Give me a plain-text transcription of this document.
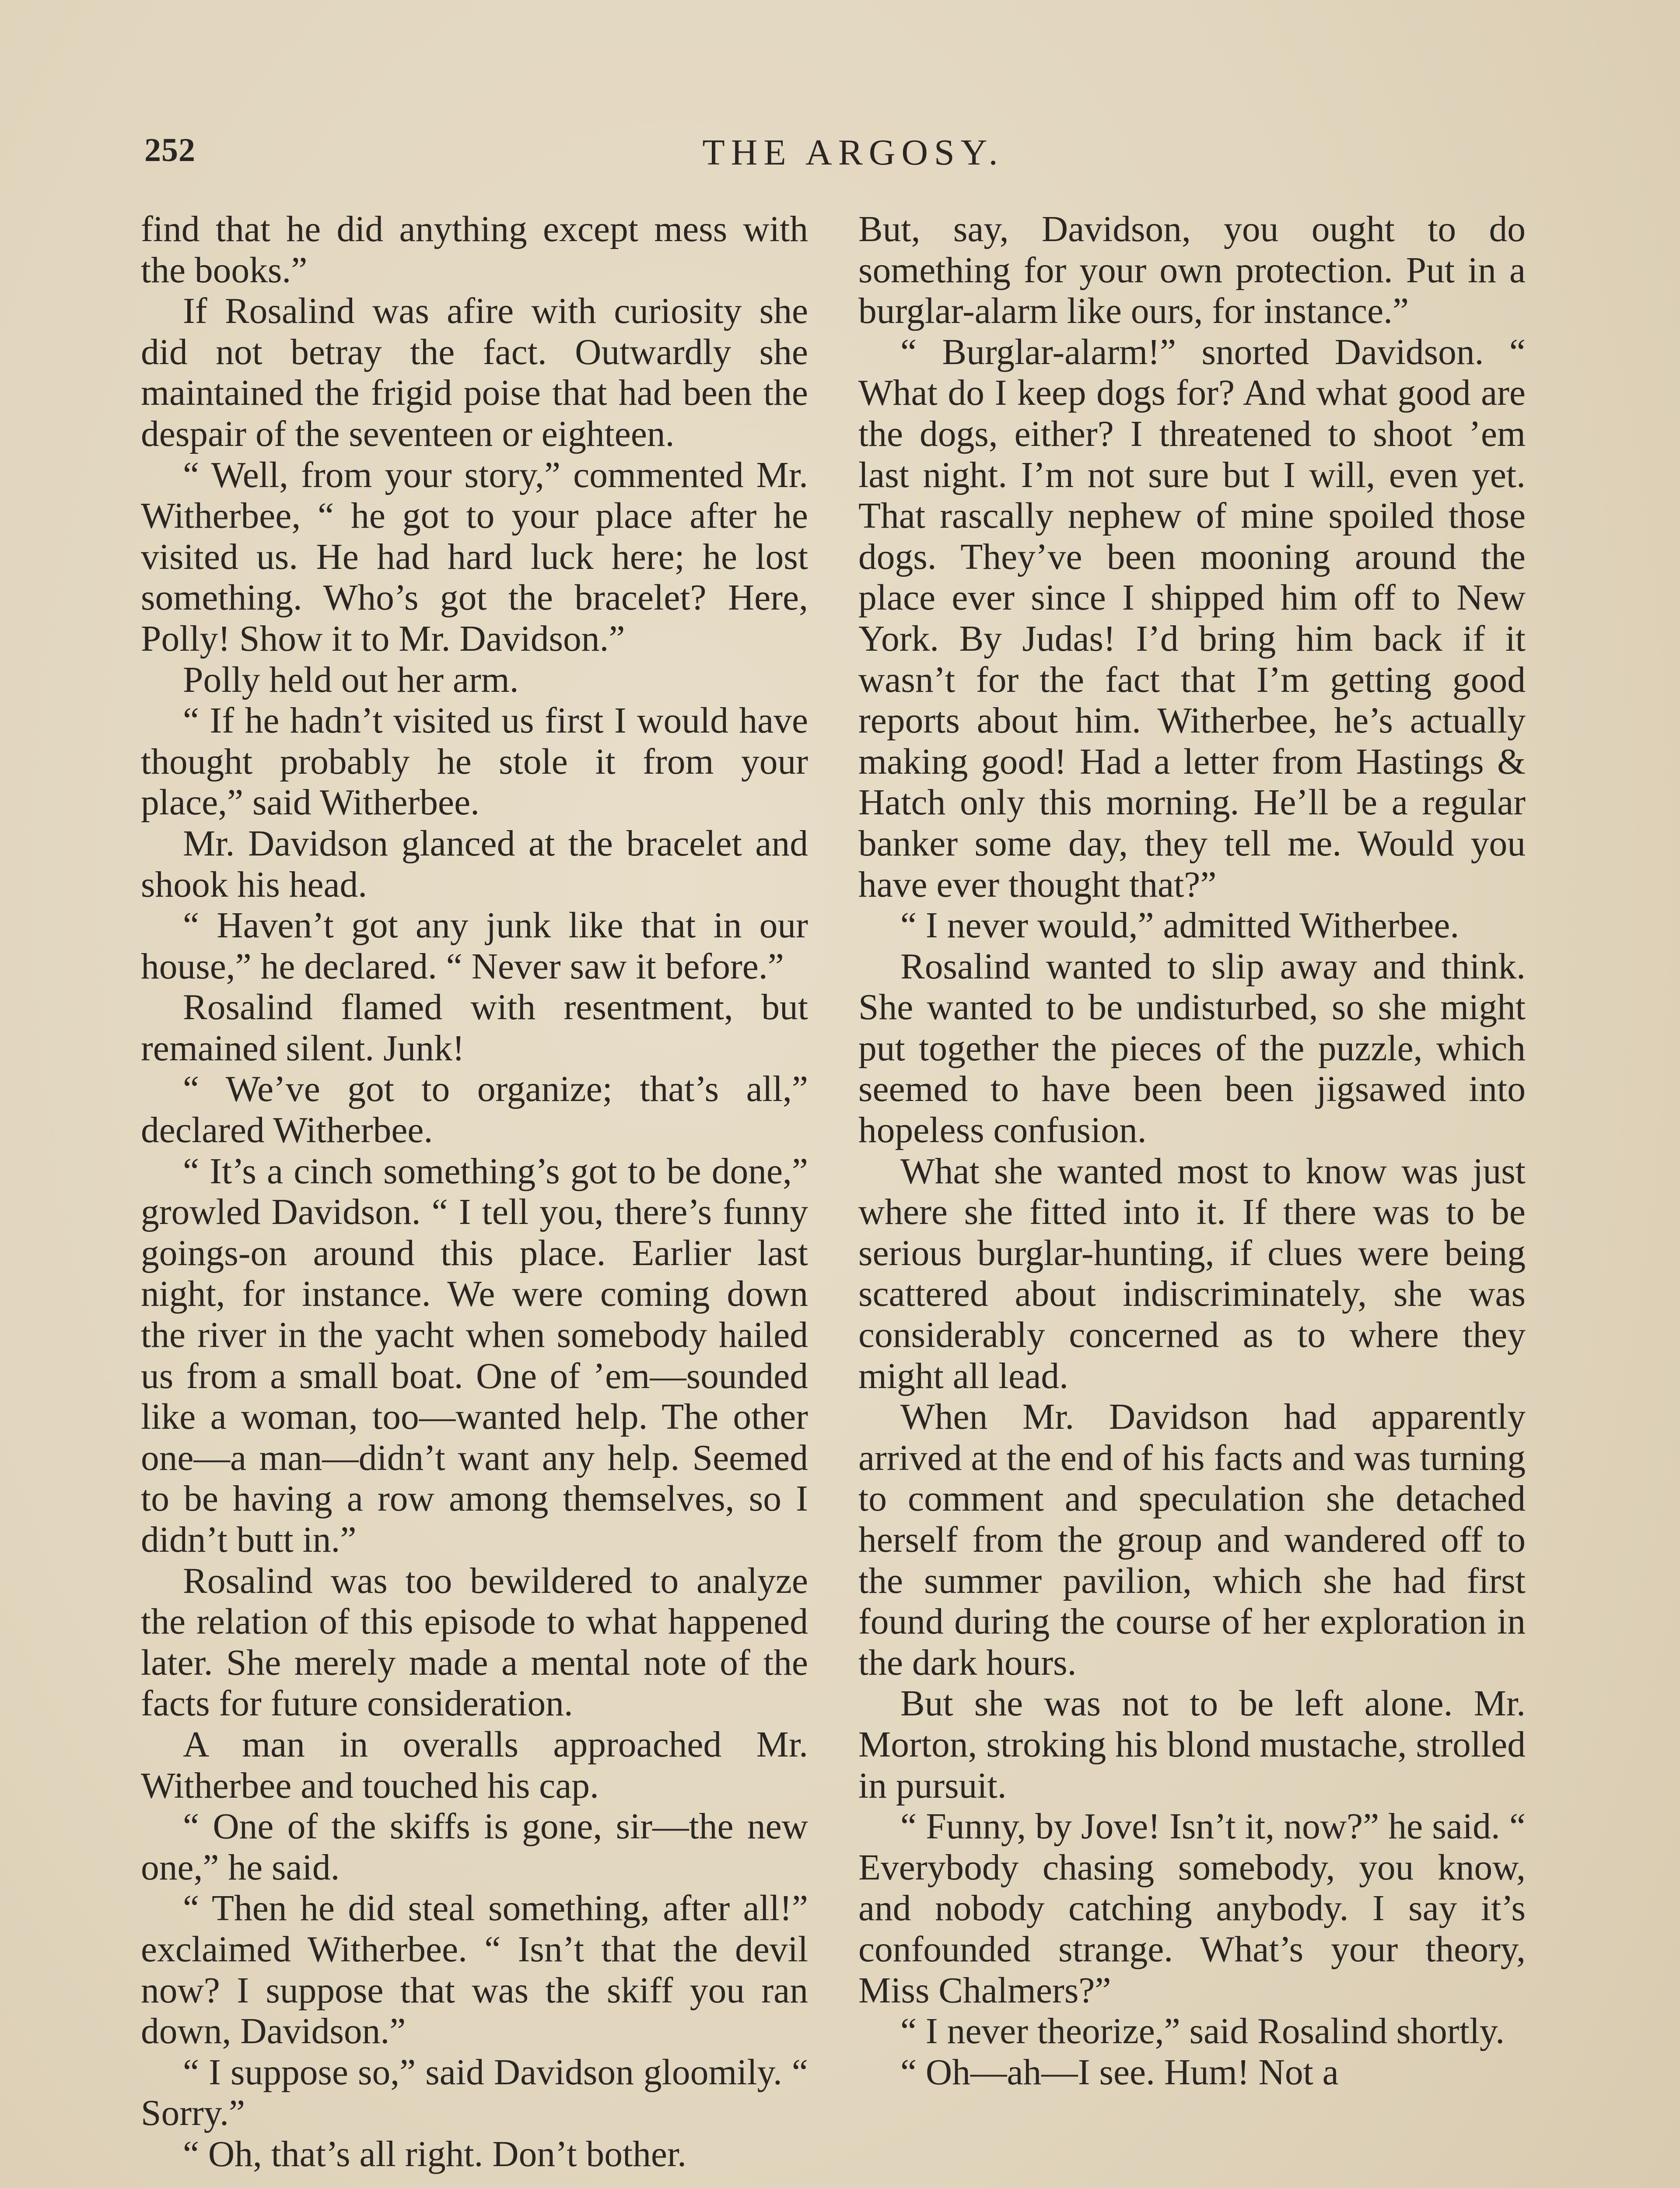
252	THE ARGOSY.

find that he did anything except mess with the books.”

If Rosalind was afire with curiosity she did not betray the fact. Outwardly she maintained the frigid poise that had been the despair of the seventeen or eighteen.

“ Well, from your story,” commented Mr. Witherbee, “ he got to your place after he visited us. He had hard luck here; he lost something. Who’s got the bracelet? Here, Polly! Show it to Mr. Davidson.”

Polly held out her arm.

“ If he hadn’t visited us first I would have thought probably he stole it from your place,” said Witherbee.

Mr. Davidson glanced at the bracelet and shook his head.

“ Haven’t got any junk like that in our house,” he declared. “ Never saw it before.”

Rosalind flamed with resentment, but remained silent. Junk!

“ We’ve got to organize; that’s all,” declared Witherbee.

“ It’s a cinch something’s got to be done,” growled Davidson. “ I tell you, there’s funny goings-on around this place. Earlier last night, for instance. We were coming down the river in the yacht when somebody hailed us from a small boat. One of ’em—sounded like a woman, too—wanted help. The other one—a man—didn’t want any help. Seemed to be having a row among themselves, so I didn’t butt in.”

Rosalind was too bewildered to analyze the relation of this episode to what happened later. She merely made a mental note of the facts for future consideration.

A man in overalls approached Mr. Witherbee and touched his cap.

“ One of the skiffs is gone, sir—the new one,” he said.

“ Then he did steal something, after all!” exclaimed Witherbee. “ Isn’t that the devil now? I suppose that was the skiff you ran down, Davidson.”

“ I suppose so,” said Davidson gloomily. “ Sorry.”

“ Oh, that’s all right. Don’t bother.

But, say, Davidson, you ought to do something for your own protection. Put in a burglar-alarm like ours, for instance.”

“ Burglar-alarm!” snorted Davidson. “ What do I keep dogs for? And what good are the dogs, either? I threatened to shoot ’em last night. I’m not sure but I will, even yet. That rascally nephew of mine spoiled those dogs. They’ve been mooning around the place ever since I shipped him off to New York. By Judas! I’d bring him back if it wasn’t for the fact that I’m getting good reports about him. Witherbee, he’s actually making good! Had a letter from Hastings & Hatch only this morning. He’ll be a regular banker some day, they tell me. Would you have ever thought that?”

“ I never would,” admitted Witherbee.

Rosalind wanted to slip away and think. She wanted to be undisturbed, so she might put together the pieces of the puzzle, which seemed to have been been jigsawed into hopeless confusion.

What she wanted most to know was just where she fitted into it. If there was to be serious burglar-hunting, if clues were being scattered about indiscriminately, she was considerably concerned as to where they might all lead.

When Mr. Davidson had apparently arrived at the end of his facts and was turning to comment and speculation she detached herself from the group and wandered off to the summer pavilion, which she had first found during the course of her exploration in the dark hours.

But she was not to be left alone. Mr. Morton, stroking his blond mustache, strolled in pursuit.

“ Funny, by Jove! Isn’t it, now?” he said. “ Everybody chasing somebody, you know, and nobody catching anybody. I say it’s confounded strange. What’s your theory, Miss Chalmers?”

“ I never theorize,” said Rosalind shortly.

“ Oh—ah—I see. Hum! Not a
